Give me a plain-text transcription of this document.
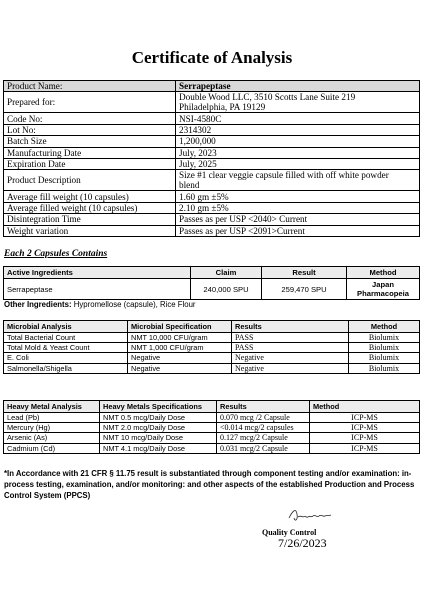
Certificate of Analysis
Product Name:	Serrapeptase
Prepared for:	Double Wood LLC, 3510 Scotts Lane Suite 219
Philadelphia, PA 19129
Code No:	NSI-4580C
Lot No:	2314302
Batch Size	1,200,000
Manufacturing Date	July, 2023
Expiration Date	July, 2025
Product Description	Size #1 clear veggie capsule filled with off white powder
blend
Average fill weight (10 capsules)	1.60 gm ±5%
Average filled weight (10 capsules)	2.10 gm ±5%
Disintegration Time	Passes as per USP <2040> Current
Weight variation	Passes as per USP <2091>Current
Each 2 Capsules Contains
Active Ingredients	Claim	Result	Method
Serrapeptase	240,000 SPU	259,470 SPU	Japan
Pharmacopeia
Other Ingredients: Hypromellose (capsule), Rice Flour
Microbial Analysis	Microbial Specification	Results	Method
Total Bacterial Count	NMT 10,000 CFU/gram	PASS	Biolumix
Total Mold & Yeast Count	NMT 1,000 CFU/gram	PASS	Biolumix
E. Coli	Negative	Negative	Biolumix
Salmonella/Shigella	Negative	Negative	Biolumix
Heavy Metal Analysis	Heavy Metals Specifications	Results	Method
Lead (Pb)	NMT 0.5 mcg/Daily Dose	0.070 mcg /2 Capsule	ICP-MS
Mercury (Hg)	NMT 2.0 mcg/Daily Dose	<0.014 mcg/2 capsules	ICP-MS
Arsenic (As)	NMT 10 mcg/Daily Dose	0.127 mcg/2 Capsule	ICP-MS
Cadmium (Cd)	NMT 4.1 mcg/Daily Dose	0.031 mcg/2 Capsule	ICP-MS
*In Accordance with 21 CFR § 11.75 result is substantiated through component testing and/or examination: in-process testing, examination, and/or monitoring: and other aspects of the established Production and Process Control System (PPCS)
Quality Control
7/26/2023
